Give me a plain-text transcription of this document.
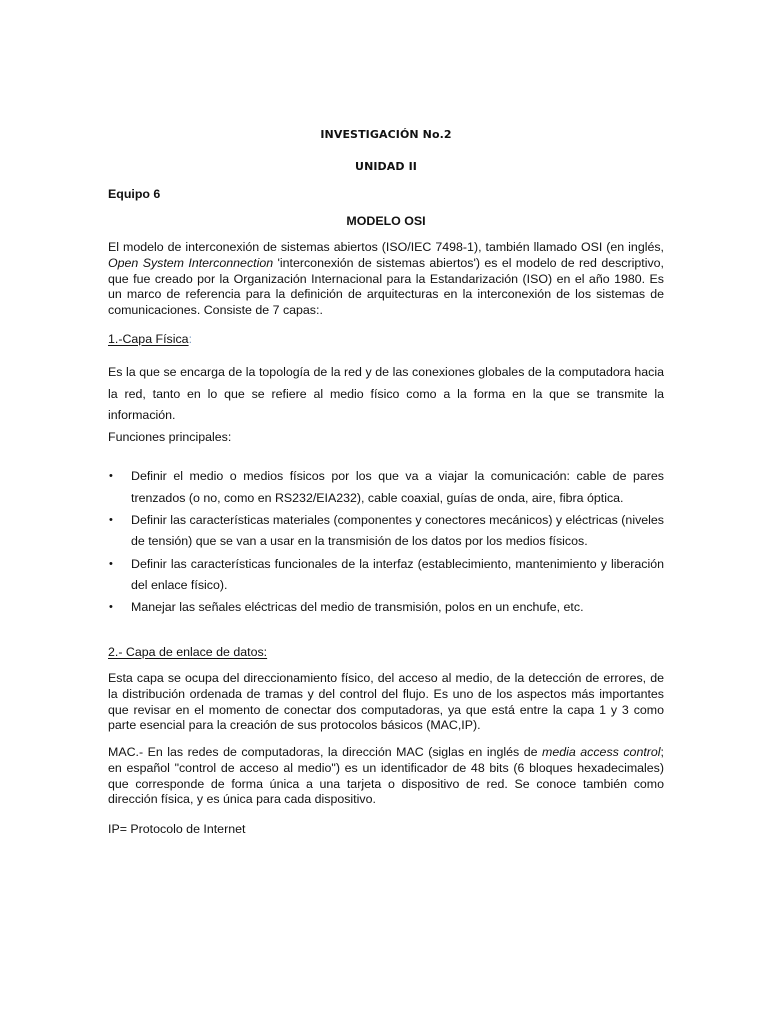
INVESTIGACIÓN No.2
UNIDAD II
Equipo 6
MODELO OSI

El modelo de interconexión de sistemas abiertos (ISO/IEC 7498-1), también llamado OSI (en inglés, Open System Interconnection 'interconexión de sistemas abiertos') es el modelo de red descriptivo, que fue creado por la Organización Internacional para la Estandarización (ISO) en el año 1980. Es un marco de referencia para la definición de arquitecturas en la interconexión de los sistemas de comunicaciones. Consiste de 7 capas:.

1.-Capa Física:

Es la que se encarga de la topología de la red y de las conexiones globales de la computadora hacia la red, tanto en lo que se refiere al medio físico como a la forma en la que se transmite la información.

Funciones principales:
• Definir el medio o medios físicos por los que va a viajar la comunicación: cable de pares trenzados (o no, como en RS232/EIA232), cable coaxial, guías de onda, aire, fibra óptica.
• Definir las características materiales (componentes y conectores mecánicos) y eléctricas (niveles de tensión) que se van a usar en la transmisión de los datos por los medios físicos.
• Definir las características funcionales de la interfaz (establecimiento, mantenimiento y liberación del enlace físico).
• Manejar las señales eléctricas del medio de transmisión, polos en un enchufe, etc.
2.- Capa de enlace de datos:

Esta capa se ocupa del direccionamiento físico, del acceso al medio, de la detección de errores, de la distribución ordenada de tramas y del control del flujo. Es uno de los aspectos más importantes que revisar en el momento de conectar dos computadoras, ya que está entre la capa 1 y 3 como parte esencial para la creación de sus protocolos básicos (MAC,IP).

MAC.- En las redes de computadoras, la dirección MAC (siglas en inglés de media access control; en español "control de acceso al medio") es un identificador de 48 bits (6 bloques hexadecimales) que corresponde de forma única a una tarjeta o dispositivo de red. Se conoce también como dirección física, y es única para cada dispositivo.

IP= Protocolo de Internet
